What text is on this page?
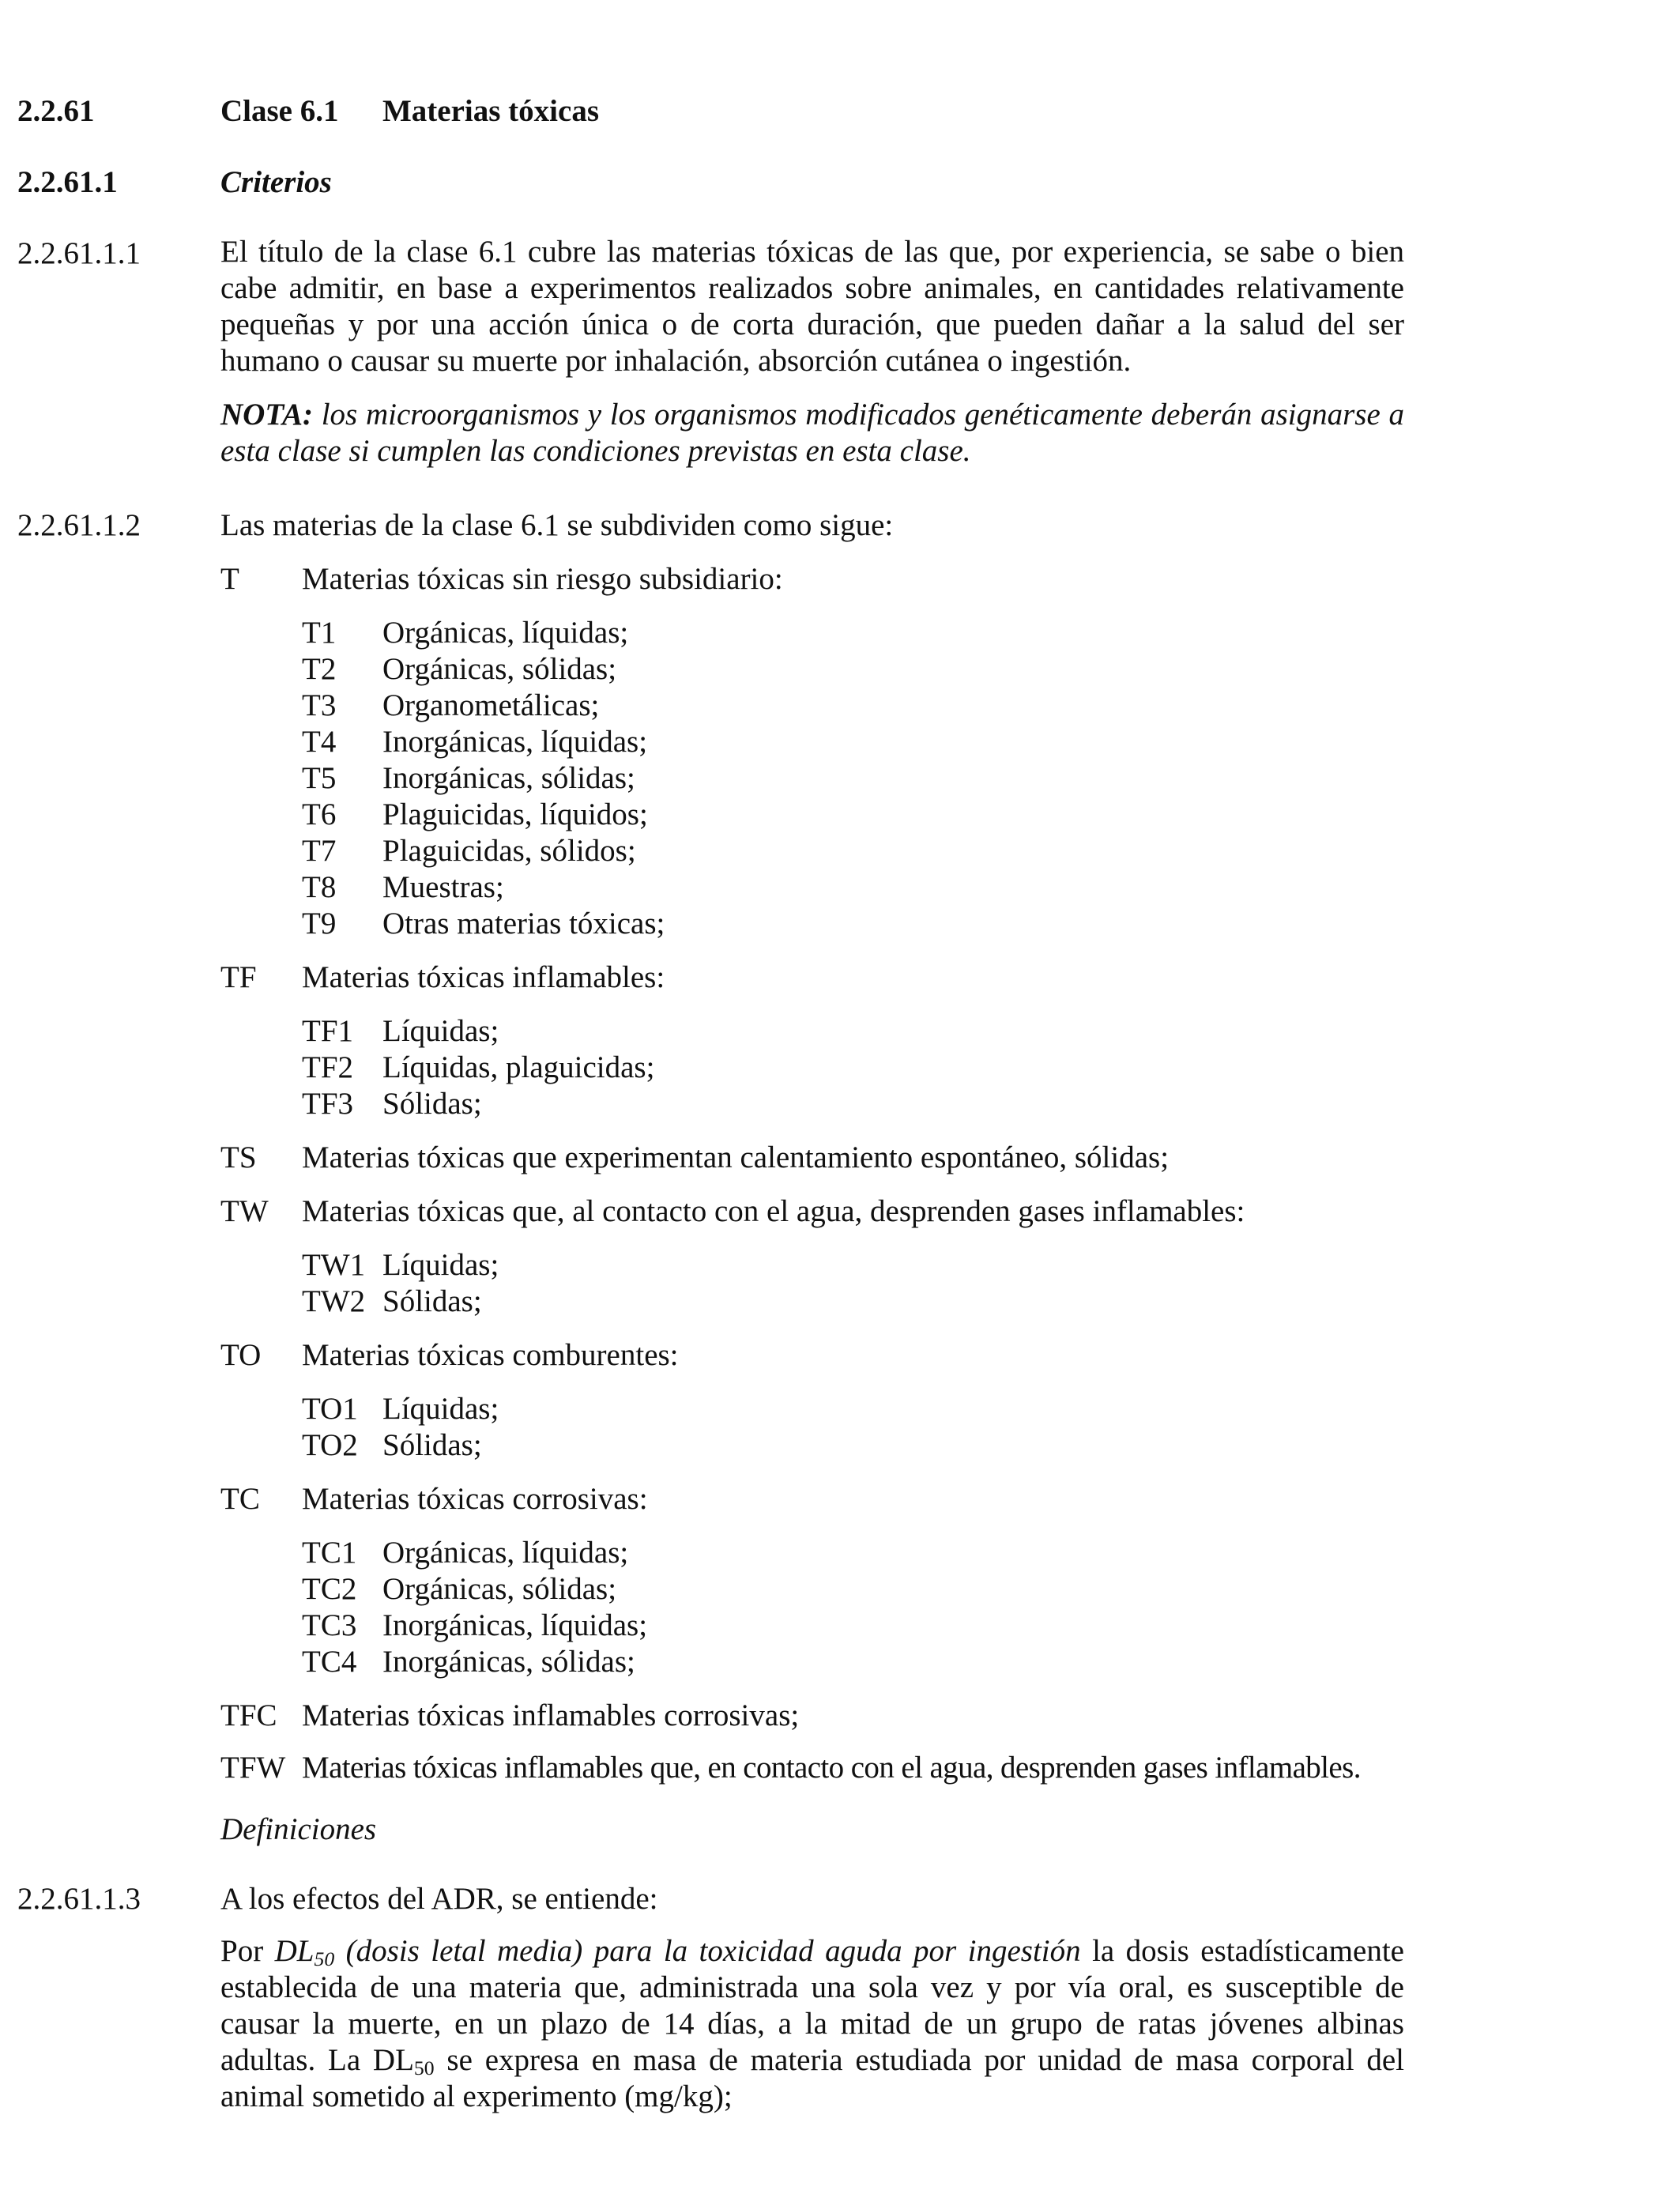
2.2.61	Clase 6.1 Materias tóxicas
2.2.61.1	Criterios
2.2.61.1.1	El título de la clase 6.1 cubre las materias tóxicas de las que, por experiencia, se sabe o bien cabe admitir, en base a experimentos realizados sobre animales, en cantidades relativamente pequeñas y por una acción única o de corta duración, que pueden dañar a la salud del ser humano o causar su muerte por inhalación, absorción cutánea o ingestión.
NOTA: los microorganismos y los organismos modificados genéticamente deberán asignarse a esta clase si cumplen las condiciones previstas en esta clase.
2.2.61.1.2	Las materias de la clase 6.1 se subdividen como sigue:
T Materias tóxicas sin riesgo subsidiario:
T1 Orgánicas, líquidas;
T2 Orgánicas, sólidas;
T3 Organometálicas;
T4 Inorgánicas, líquidas;
T5 Inorgánicas, sólidas;
T6 Plaguicidas, líquidos;
T7 Plaguicidas, sólidos;
T8 Muestras;
T9 Otras materias tóxicas;
TF Materias tóxicas inflamables:
TF1 Líquidas;
TF2 Líquidas, plaguicidas;
TF3 Sólidas;
TS Materias tóxicas que experimentan calentamiento espontáneo, sólidas;
TW Materias tóxicas que, al contacto con el agua, desprenden gases inflamables:
TW1 Líquidas;
TW2 Sólidas;
TO Materias tóxicas comburentes:
TO1 Líquidas;
TO2 Sólidas;
TC Materias tóxicas corrosivas:
TC1 Orgánicas, líquidas;
TC2 Orgánicas, sólidas;
TC3 Inorgánicas, líquidas;
TC4 Inorgánicas, sólidas;
TFC Materias tóxicas inflamables corrosivas;
TFW Materias tóxicas inflamables que, en contacto con el agua, desprenden gases inflamables.
Definiciones
2.2.61.1.3	A los efectos del ADR, se entiende:
Por $DL_{50}$ (dosis letal media) para la toxicidad aguda por ingestión la dosis estadísticamente establecida de una materia que, administrada una sola vez y por vía oral, es susceptible de causar la muerte, en un plazo de 14 días, a la mitad de un grupo de ratas jóvenes albinas adultas. La $DL_{50}$ se expresa en masa de materia estudiada por unidad de masa corporal del animal sometido al experimento (mg/kg);
